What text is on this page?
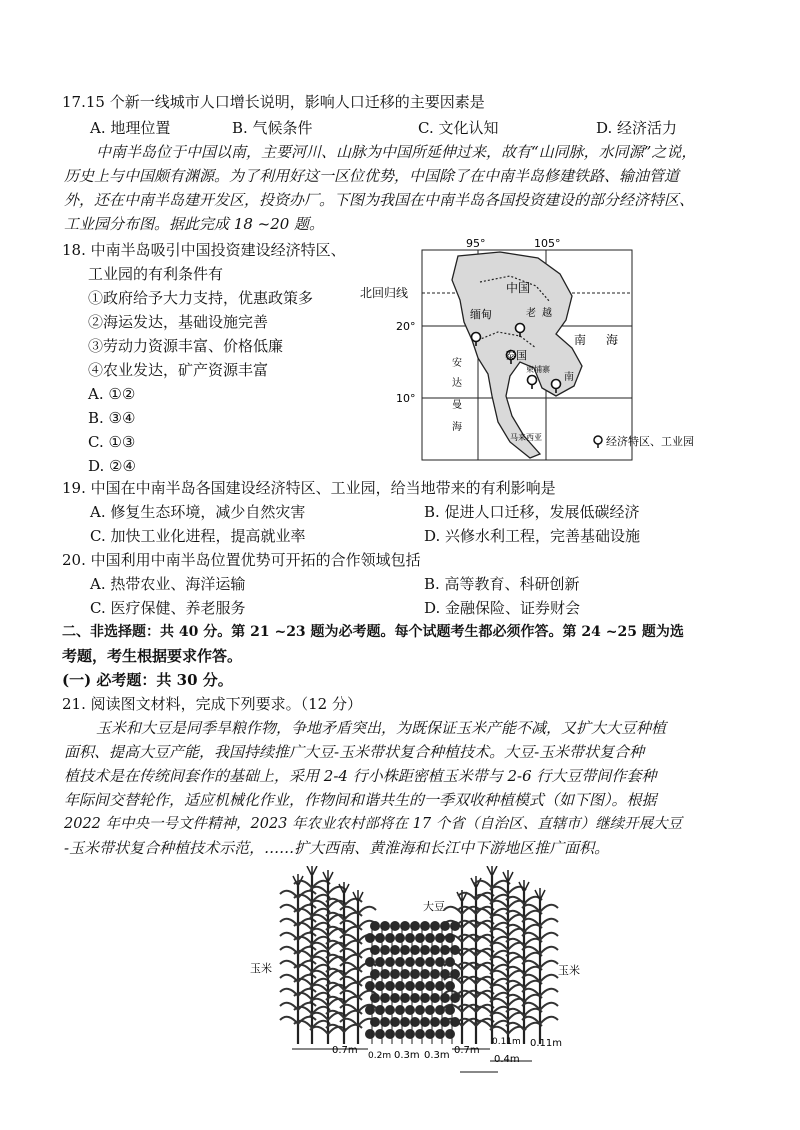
17.15 个新一线城市人口增长说明，影响人口迁移的主要因素是
A. 地理位置	B. 气候条件	C. 文化认知	D. 经济活力
中南半岛位于中国以南，主要河川、山脉为中国所延伸过来，故有“山同脉，水同源”之说，
历史上与中国颇有渊源。为了利用好这一区位优势，中国除了在中南半岛修建铁路、输油管道
外，还在中南半岛建开发区，投资办厂。下图为我国在中南半岛各国投资建设的部分经济特区、
工业园分布图。据此完成 18 ~20 题。
18. 中南半岛吸引中国投资建设经济特区、
工业园的有利条件有
①政府给予大力支持，优惠政策多
②海运发达，基础设施完善
③劳动力资源丰富、价格低廉
④农业发达，矿产资源丰富
A. ①②
B. ③④
C. ①③
D. ②④
95°	105°
北回归线
20°
10°
中国
缅甸	老
泰国
柬埔寨
越
南
马来西亚
南 海
安
达
曼
海
经济特区、工业园
19. 中国在中南半岛各国建设经济特区、工业园，给当地带来的有利影响是
A. 修复生态环境，减少自然灾害	B. 促进人口迁移，发展低碳经济
C. 加快工业化进程，提高就业率	D. 兴修水利工程，完善基础设施
20. 中国利用中南半岛位置优势可开拓的合作领域包括
A. 热带农业、海洋运输	B. 高等教育、科研创新
C. 医疗保健、养老服务	D. 金融保险、证券财会
二、非选择题：共 40 分。第 21 ~23 题为必考题。每个试题考生都必须作答。第 24 ~25 题为选
考题，考生根据要求作答。
(一) 必考题：共 30 分。
21. 阅读图文材料，完成下列要求。（12 分）
玉米和大豆是同季旱粮作物，争地矛盾突出，为既保证玉米产能不减，又扩大大豆种植
面积、提高大豆产能，我国持续推广大豆-玉米带状复合种植技术。大豆-玉米带状复合种
植技术是在传统间套作的基础上，采用 2-4 行小株距密植玉米带与 2-6 行大豆带间作套种
年际间交替轮作，适应机械化作业，作物间和谐共生的一季双收种植模式（如下图）。根据
2022 年中央一号文件精神，2023 年农业农村部将在 17 个省（自治区、直辖市）继续开展大豆
-玉米带状复合种植技术示范，……扩大西南、黄淮海和长江中下游地区推广面积。
大豆
玉米	玉米
0.7m 0.2m 0.3m 0.3m 0.7m
0.11m 0.11m
0.4m
